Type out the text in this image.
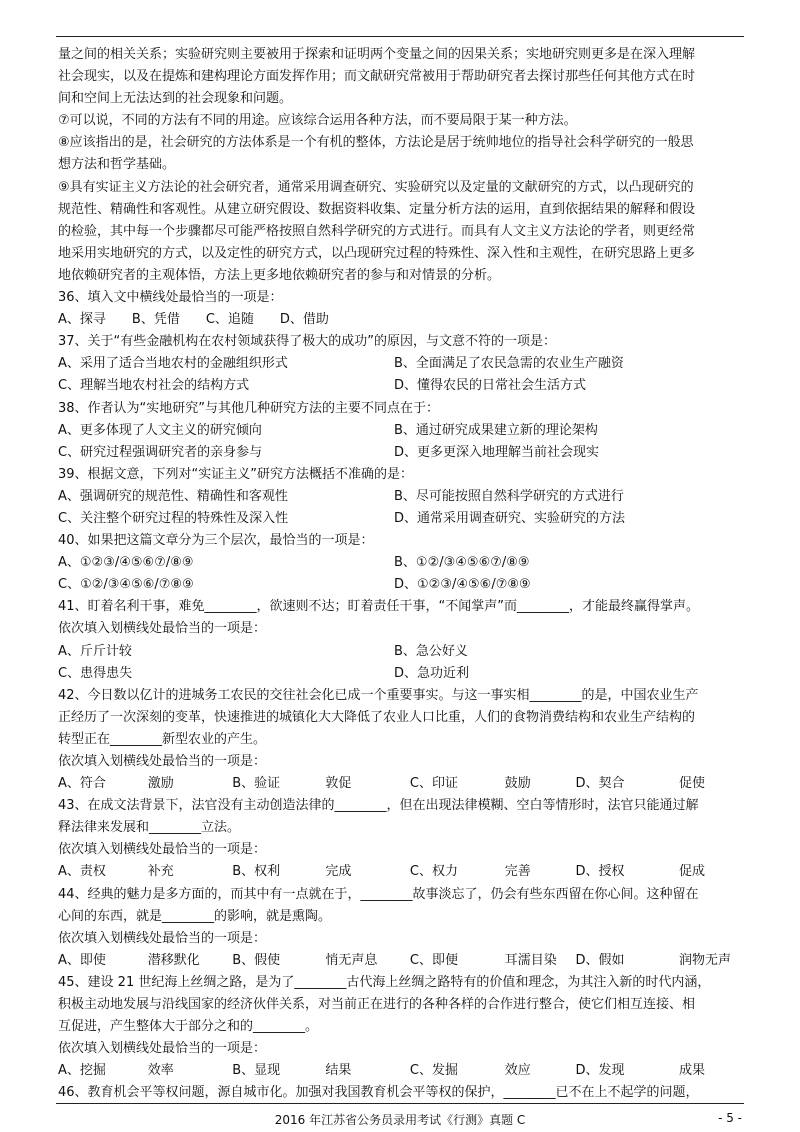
量之间的相关关系；实验研究则主要被用于探索和证明两个变量之间的因果关系；实地研究则更多是在深入理解
社会现实，以及在提炼和建构理论方面发挥作用；而文献研究常被用于帮助研究者去探讨那些任何其他方式在时
间和空间上无法达到的社会现象和问题。
⑦可以说，不同的方法有不同的用途。应该综合运用各种方法，而不要局限于某一种方法。
⑧应该指出的是，社会研究的方法体系是一个有机的整体，方法论是居于统帅地位的指导社会科学研究的一般思
想方法和哲学基础。
⑨具有实证主义方法论的社会研究者，通常采用调查研究、实验研究以及定量的文献研究的方式，以凸现研究的
规范性、精确性和客观性。从建立研究假设、数据资料收集、定量分析方法的运用，直到依据结果的解释和假设
的检验，其中每一个步骤都尽可能严格按照自然科学研究的方式进行。而具有人文主义方法论的学者，则更经常
地采用实地研究的方式，以及定性的研究方式，以凸现研究过程的特殊性、深入性和主观性，在研究思路上更多
地依赖研究者的主观体悟，方法上更多地依赖研究者的参与和对情景的分析。
36、填入文中横线处最恰当的一项是：
A、探寻 B、凭借 C、追随 D、借助
37、关于“有些金融机构在农村领域获得了极大的成功”的原因，与文意不符的一项是：
A、采用了适合当地农村的金融组织形式	B、全面满足了农民急需的农业生产融资
C、理解当地农村社会的结构方式	D、懂得农民的日常社会生活方式
38、作者认为“实地研究”与其他几种研究方法的主要不同点在于：
A、更多体现了人文主义的研究倾向	B、通过研究成果建立新的理论架构
C、研究过程强调研究者的亲身参与	D、更多更深入地理解当前社会现实
39、根据文意，下列对“实证主义”研究方法概括不准确的是：
A、强调研究的规范性、精确性和客观性	B、尽可能按照自然科学研究的方式进行
C、关注整个研究过程的特殊性及深入性	D、通常采用调查研究、实验研究的方法
40、如果把这篇文章分为三个层次，最恰当的一项是：
A、①②③/④⑤⑥⑦/⑧⑨	B、①②/③④⑤⑥⑦/⑧⑨
C、①②/③④⑤⑥/⑦⑧⑨	D、①②③/④⑤⑥/⑦⑧⑨
41、盯着名利干事，难免________，欲速则不达；盯着责任干事，“不闻掌声”而________，才能最终赢得掌声。
依次填入划横线处最恰当的一项是：
A、斤斤计较	B、急公好义
C、患得患失	D、急功近利
42、今日数以亿计的进城务工农民的交往社会化已成一个重要事实。与这一事实相________的是，中国农业生产
正经历了一次深刻的变革，快速推进的城镇化大大降低了农业人口比重，人们的食物消费结构和农业生产结构的
转型正在________新型农业的产生。
依次填入划横线处最恰当的一项是：
A、符合	激励	B、验证	敦促	C、印证	鼓励	D、契合	促使
43、在成文法背景下，法官没有主动创造法律的________，但在出现法律模糊、空白等情形时，法官只能通过解
释法律来发展和________立法。
依次填入划横线处最恰当的一项是：
A、责权	补充	B、权利	完成	C、权力	完善	D、授权	促成
44、经典的魅力是多方面的，而其中有一点就在于，________故事淡忘了，仍会有些东西留在你心间。这种留在
心间的东西，就是________的影响，就是熏陶。
依次填入划横线处最恰当的一项是：
A、即使	潜移默化	B、假使	悄无声息	C、即便	耳濡目染	D、假如	润物无声
45、建设 21 世纪海上丝绸之路，是为了________古代海上丝绸之路特有的价值和理念，为其注入新的时代内涵，
积极主动地发展与沿线国家的经济伙伴关系，对当前正在进行的各种各样的合作进行整合，使它们相互连接、相
互促进，产生整体大于部分之和的________。
依次填入划横线处最恰当的一项是：
A、挖掘	效率	B、显现	结果	C、发掘	效应	D、发现	成果
46、教育机会平等权问题，源自城市化。加强对我国教育机会平等权的保护，________已不在上不起学的问题，
2016 年江苏省公务员录用考试《行测》真题 C	- 5 -
